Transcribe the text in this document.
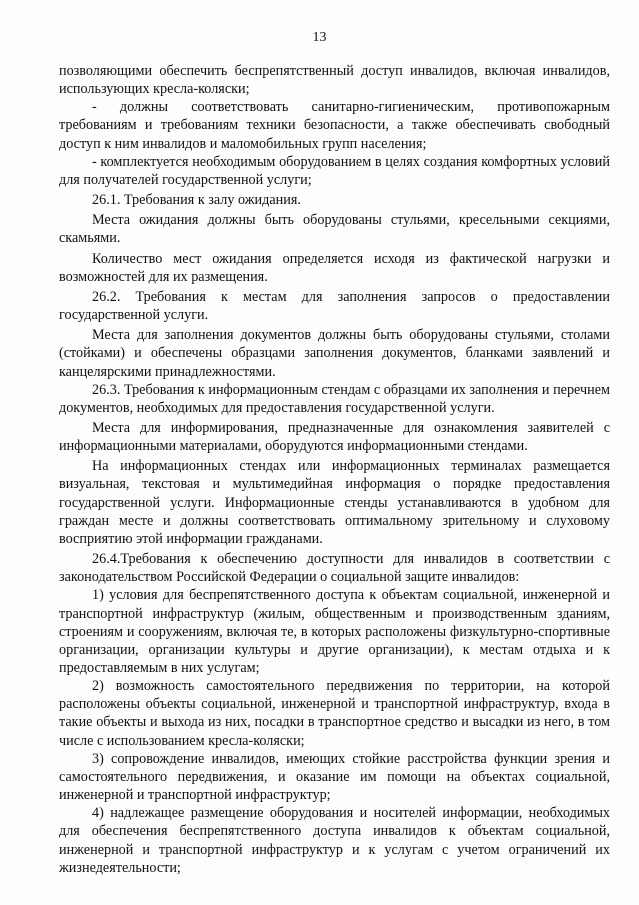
13

позволяющими обеспечить беспрепятственный доступ инвалидов, включая инвалидов, использующих кресла-коляски;

- должны соответствовать санитарно-гигиеническим, противопожарным требованиям и требованиям техники безопасности, а также обеспечивать свободный доступ к ним инвалидов и маломобильных групп населения;

- комплектуется необходимым оборудованием в целях создания комфортных условий для получателей государственной услуги;

26.1. Требования к залу ожидания.

Места ожидания должны быть оборудованы стульями, кресельными секциями, скамьями.

Количество мест ожидания определяется исходя из фактической нагрузки и возможностей для их размещения.

26.2. Требования к местам для заполнения запросов о предоставлении государственной услуги.

Места для заполнения документов должны быть оборудованы стульями, столами (стойками) и обеспечены образцами заполнения документов, бланками заявлений и канцелярскими принадлежностями.

26.3. Требования к информационным стендам с образцами их заполнения и перечнем документов, необходимых для предоставления государственной услуги.

Места для информирования, предназначенные для ознакомления заявителей с информационными материалами, оборудуются информационными стендами.

На информационных стендах или информационных терминалах размещается визуальная, текстовая и мультимедийная информация о порядке предоставления государственной услуги. Информационные стенды устанавливаются в удобном для граждан месте и должны соответствовать оптимальному зрительному и слуховому восприятию этой информации гражданами.

26.4.Требования к обеспечению доступности для инвалидов в соответствии с законодательством Российской Федерации о социальной защите инвалидов:

1) условия для беспрепятственного доступа к объектам социальной, инженерной и транспортной инфраструктур (жилым, общественным и производственным зданиям, строениям и сооружениям, включая те, в которых расположены физкультурно-спортивные организации, организации культуры и другие организации), к местам отдыха и к предоставляемым в них услугам;

2) возможность самостоятельного передвижения по территории, на которой расположены объекты социальной, инженерной и транспортной инфраструктур, входа в такие объекты и выхода из них, посадки в транспортное средство и высадки из него, в том числе с использованием кресла-коляски;

3) сопровождение инвалидов, имеющих стойкие расстройства функции зрения и самостоятельного передвижения, и оказание им помощи на объектах социальной, инженерной и транспортной инфраструктур;

4) надлежащее размещение оборудования и носителей информации, необходимых для обеспечения беспрепятственного доступа инвалидов к объектам социальной, инженерной и транспортной инфраструктур и к услугам с учетом ограничений их жизнедеятельности;
